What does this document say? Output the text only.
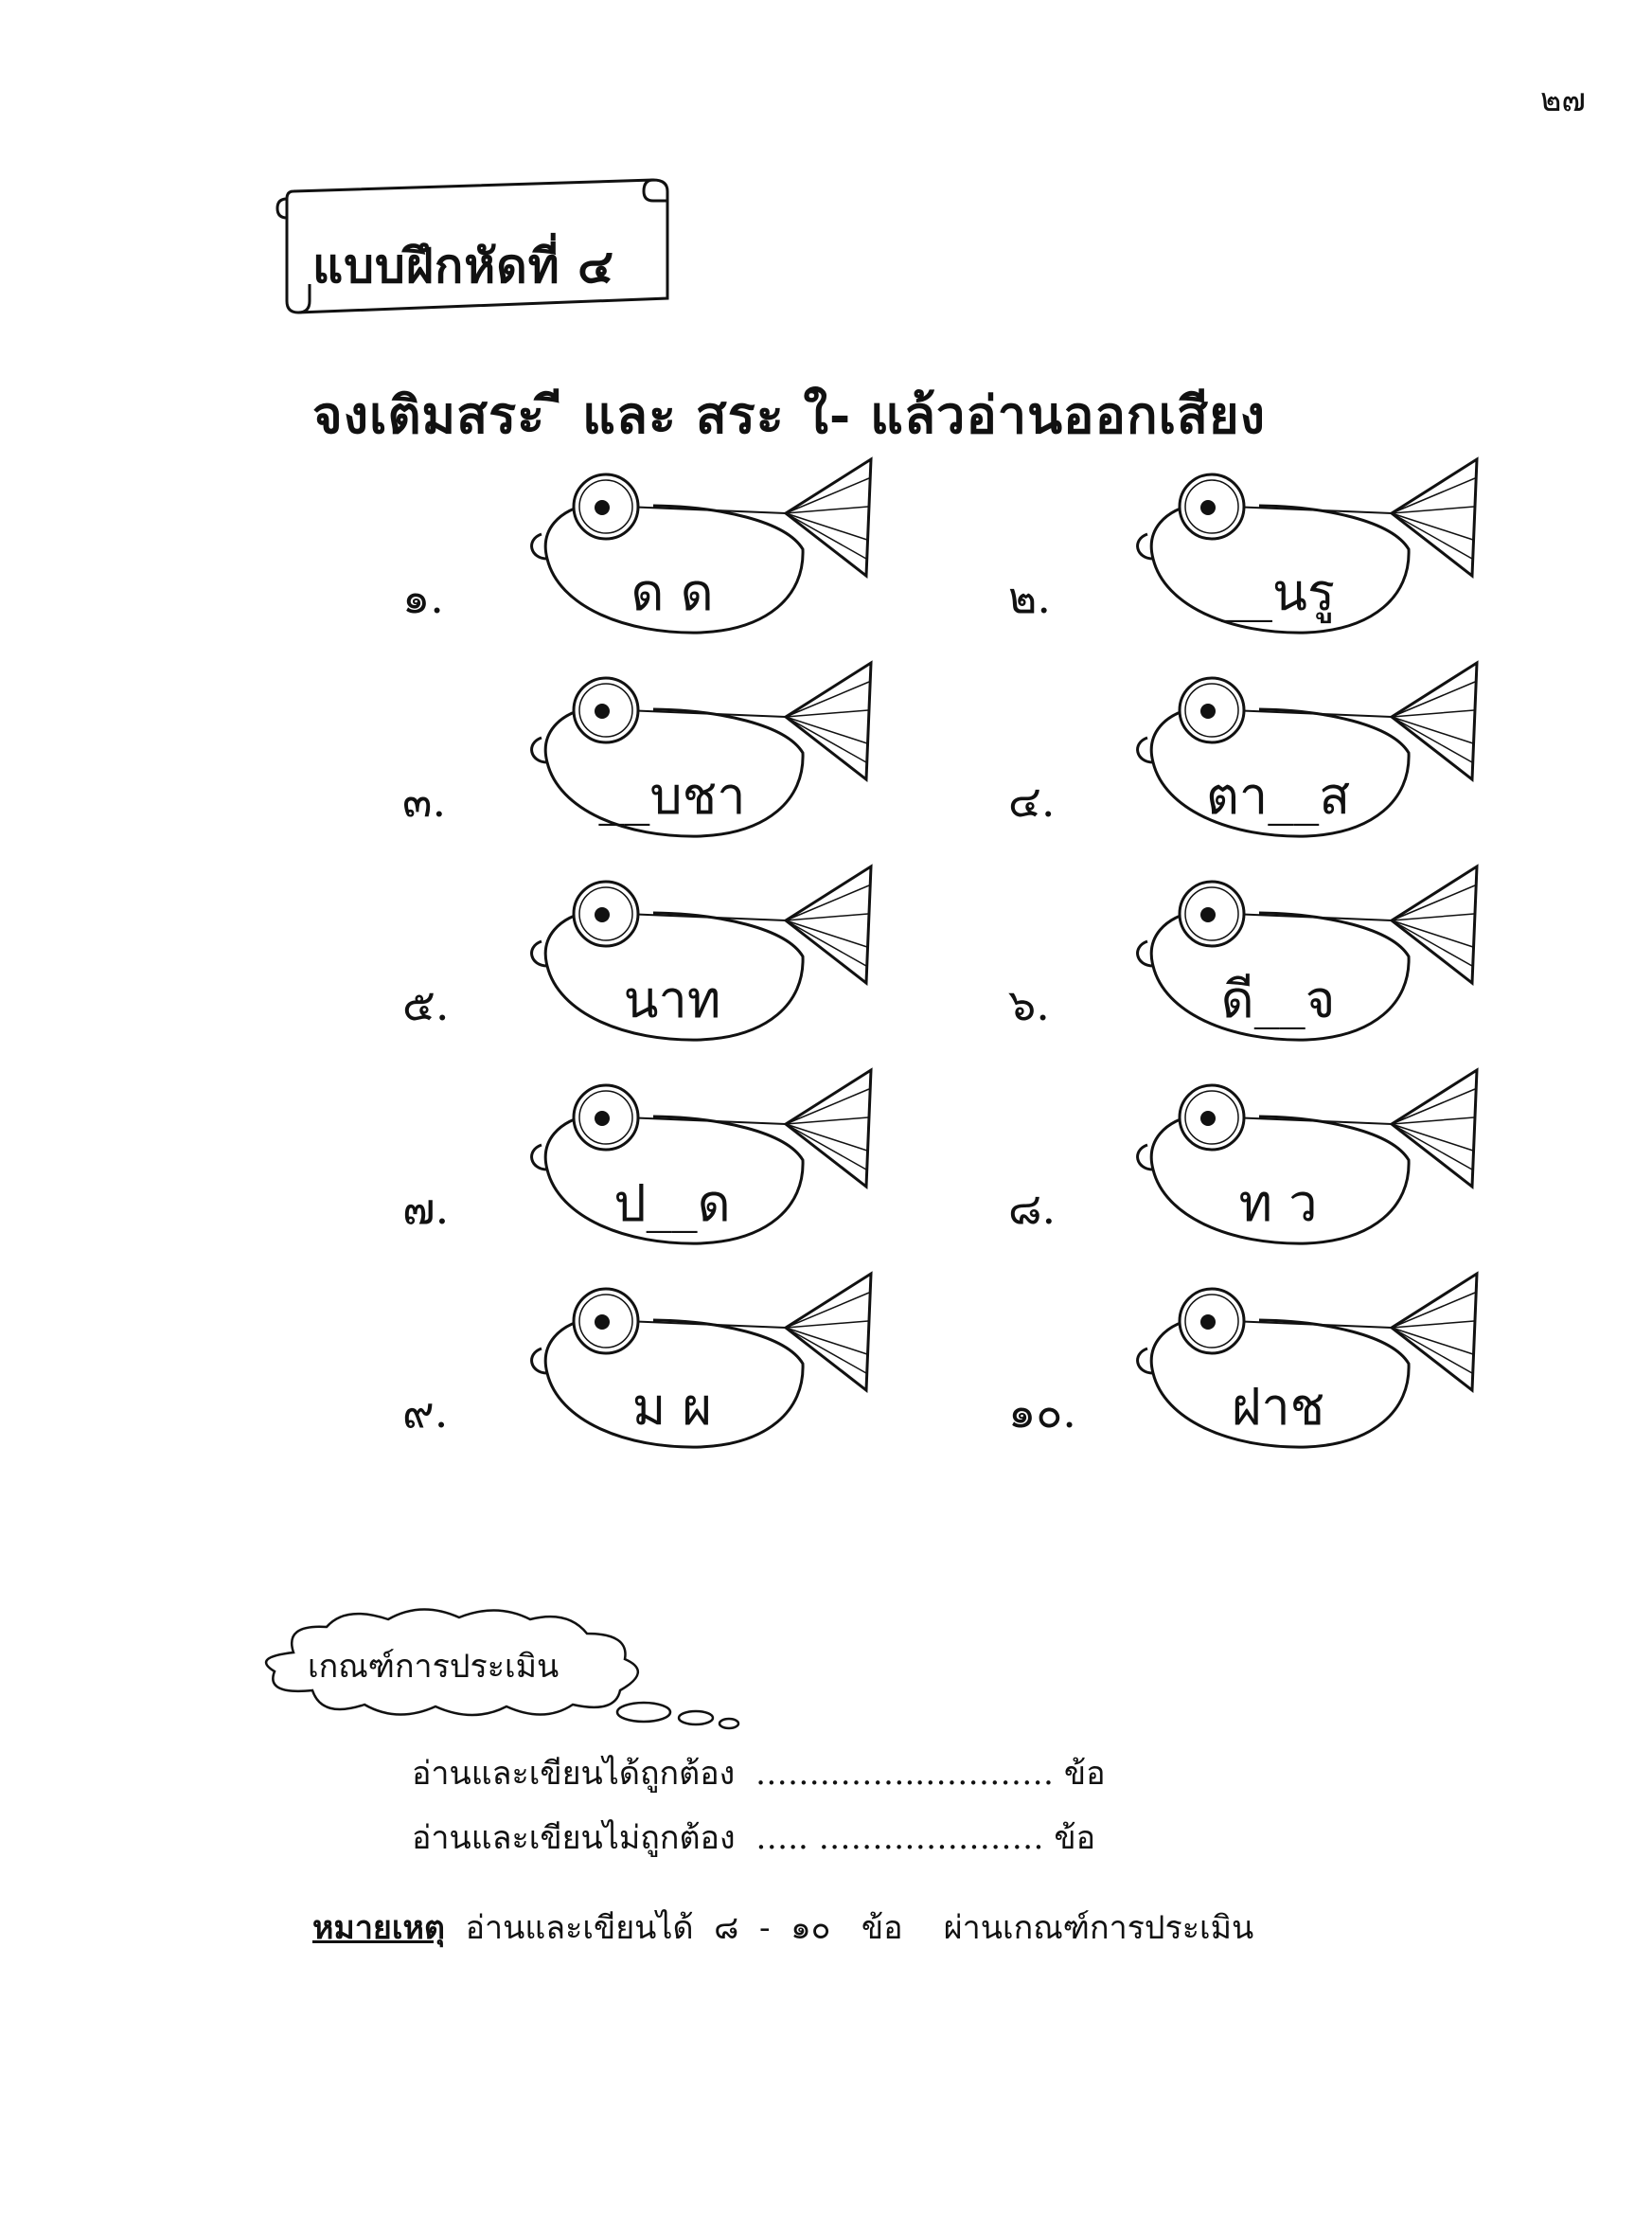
๒๗
แบบฝึกหัดที่ ๔
จงเติมสระ ี และ สระ ใ- แล้วอ่านออกเสียง
๑.	ด ด	๒.	__นรู
๓.	__บชา	๔.	ตา__ส
๕.	นาท	๖.	ดี__จ
๗.	ป__ด	๘.	ท ว
๙.	ม ผ	๑๐.	ฝาช
เกณฑ์การประเมิน
อ่านและเขียนได้ถูกต้อง  ……..……..………… ข้อ
อ่านและเขียนไม่ถูกต้อง  ….. ………………… ข้อ
หมายเหตุ  อ่านและเขียนได้  ๘  -  ๑๐   ข้อ    ผ่านเกณฑ์การประเมิน
